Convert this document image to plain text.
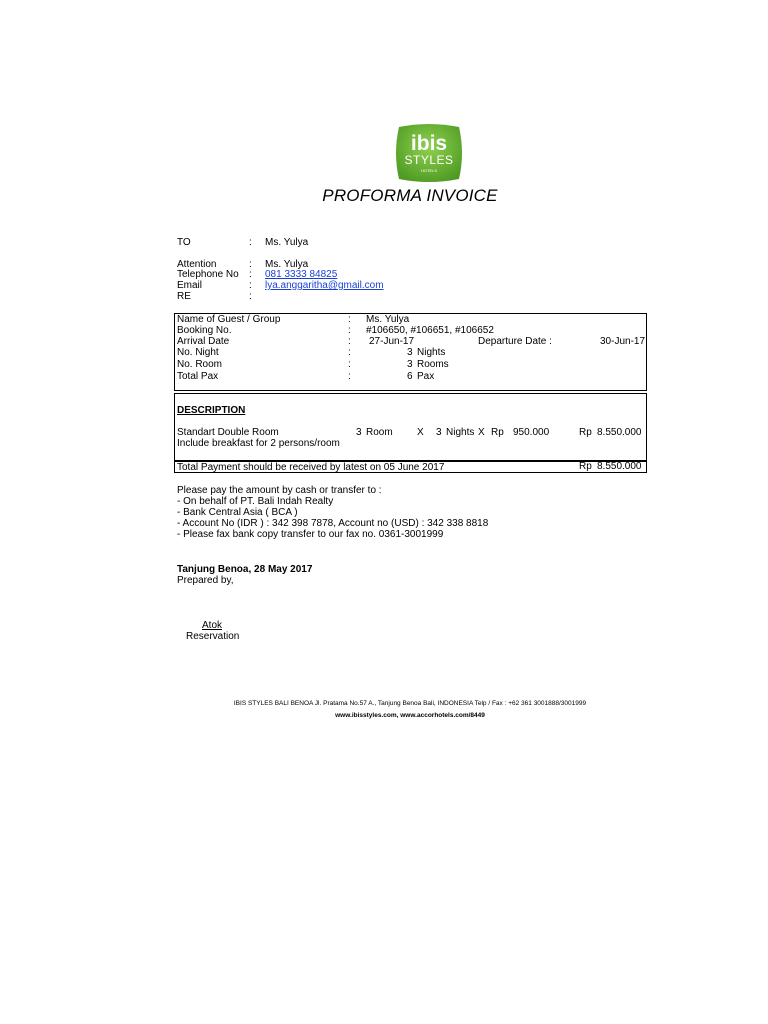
ibis
STYLES
HOTELS
PROFORMA INVOICE
TO	: Ms. Yulya
Attention	: Ms. Yulya
Telephone No : 081 3333 84825
Email	: lya.anggaritha@gmail.com
RE	:
Name of Guest / Group	: Ms. Yulya
Booking No.	: #106650, #106651, #106652
Arrival Date	: 27-Jun-17	Departure Date :	30-Jun-17
No. Night	:	3 Nights
No. Room	:	3 Rooms
Total Pax	:	6 Pax
DESCRIPTION
Standart Double Room	3 Room X 3 Nights X Rp 950.000	Rp 8.550.000
Include breakfast for 2 persons/room
Total Payment should be received by latest on 05 June 2017	Rp 8.550.000
Please pay the amount by cash or transfer to :
- On behalf of PT. Bali Indah Realty
- Bank Central Asia ( BCA )
- Account No (IDR ) : 342 398 7878, Account no (USD) : 342 338 8818
- Please fax bank copy transfer to our fax no. 0361-3001999
Tanjung Benoa, 28 May 2017
Prepared by,
Atok
Reservation
IBIS STYLES BALI BENOA Jl. Pratama No.57 A., Tanjung Benoa Bali, INDONESIA Telp / Fax : +62 361 3001888/3001999
www.ibisstyles.com, www.accorhotels.com/8449
